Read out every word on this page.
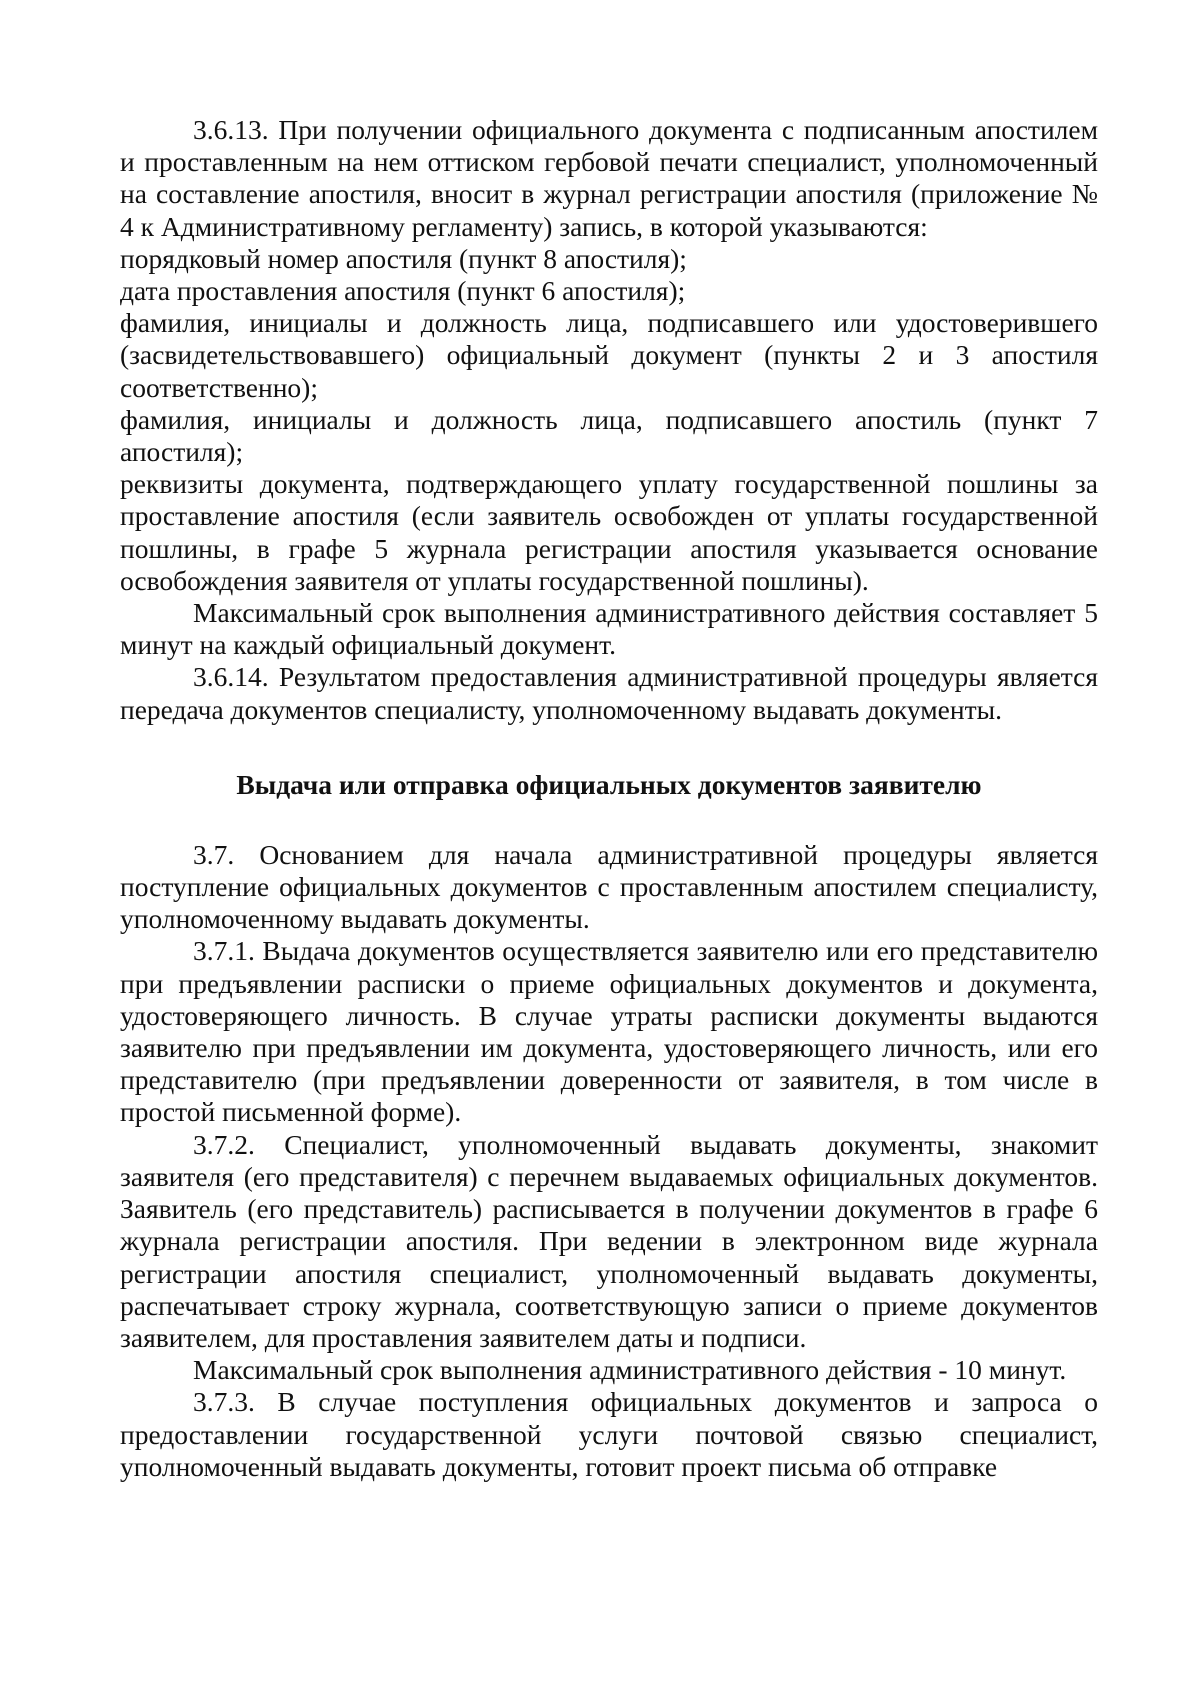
3.6.13. При получении официального документа с подписанным апостилем и проставленным на нем оттиском гербовой печати специалист, уполномоченный на составление апостиля, вносит в журнал регистрации апостиля (приложение № 4 к Административному регламенту) запись, в которой указываются:

порядковый номер апостиля (пункт 8 апостиля);

дата проставления апостиля (пункт 6 апостиля);

фамилия, инициалы и должность лица, подписавшего или удостоверившего (засвидетельствовавшего) официальный документ (пункты 2 и 3 апостиля соответственно);

фамилия, инициалы и должность лица, подписавшего апостиль (пункт 7 апостиля);

реквизиты документа, подтверждающего уплату государственной пошлины за проставление апостиля (если заявитель освобожден от уплаты государственной пошлины, в графе 5 журнала регистрации апостиля указывается основание освобождения заявителя от уплаты государственной пошлины).

Максимальный срок выполнения административного действия составляет 5 минут на каждый официальный документ.

3.6.14. Результатом предоставления административной процедуры является передача документов специалисту, уполномоченному выдавать документы.

Выдача или отправка официальных документов заявителю

3.7. Основанием для начала административной процедуры является поступление официальных документов с проставленным апостилем специалисту, уполномоченному выдавать документы.

3.7.1. Выдача документов осуществляется заявителю или его представителю при предъявлении расписки о приеме официальных документов и документа, удостоверяющего личность. В случае утраты расписки документы выдаются заявителю при предъявлении им документа, удостоверяющего личность, или его представителю (при предъявлении доверенности от заявителя, в том числе в простой письменной форме).

3.7.2. Специалист, уполномоченный выдавать документы, знакомит заявителя (его представителя) с перечнем выдаваемых официальных документов. Заявитель (его представитель) расписывается в получении документов в графе 6 журнала регистрации апостиля. При ведении в электронном виде журнала регистрации апостиля специалист, уполномоченный выдавать документы, распечатывает строку журнала, соответствующую записи о приеме документов заявителем, для проставления заявителем даты и подписи.

Максимальный срок выполнения административного действия - 10 минут.

3.7.3. В случае поступления официальных документов и запроса о предоставлении государственной услуги почтовой связью специалист, уполномоченный выдавать документы, готовит проект письма об отправке
